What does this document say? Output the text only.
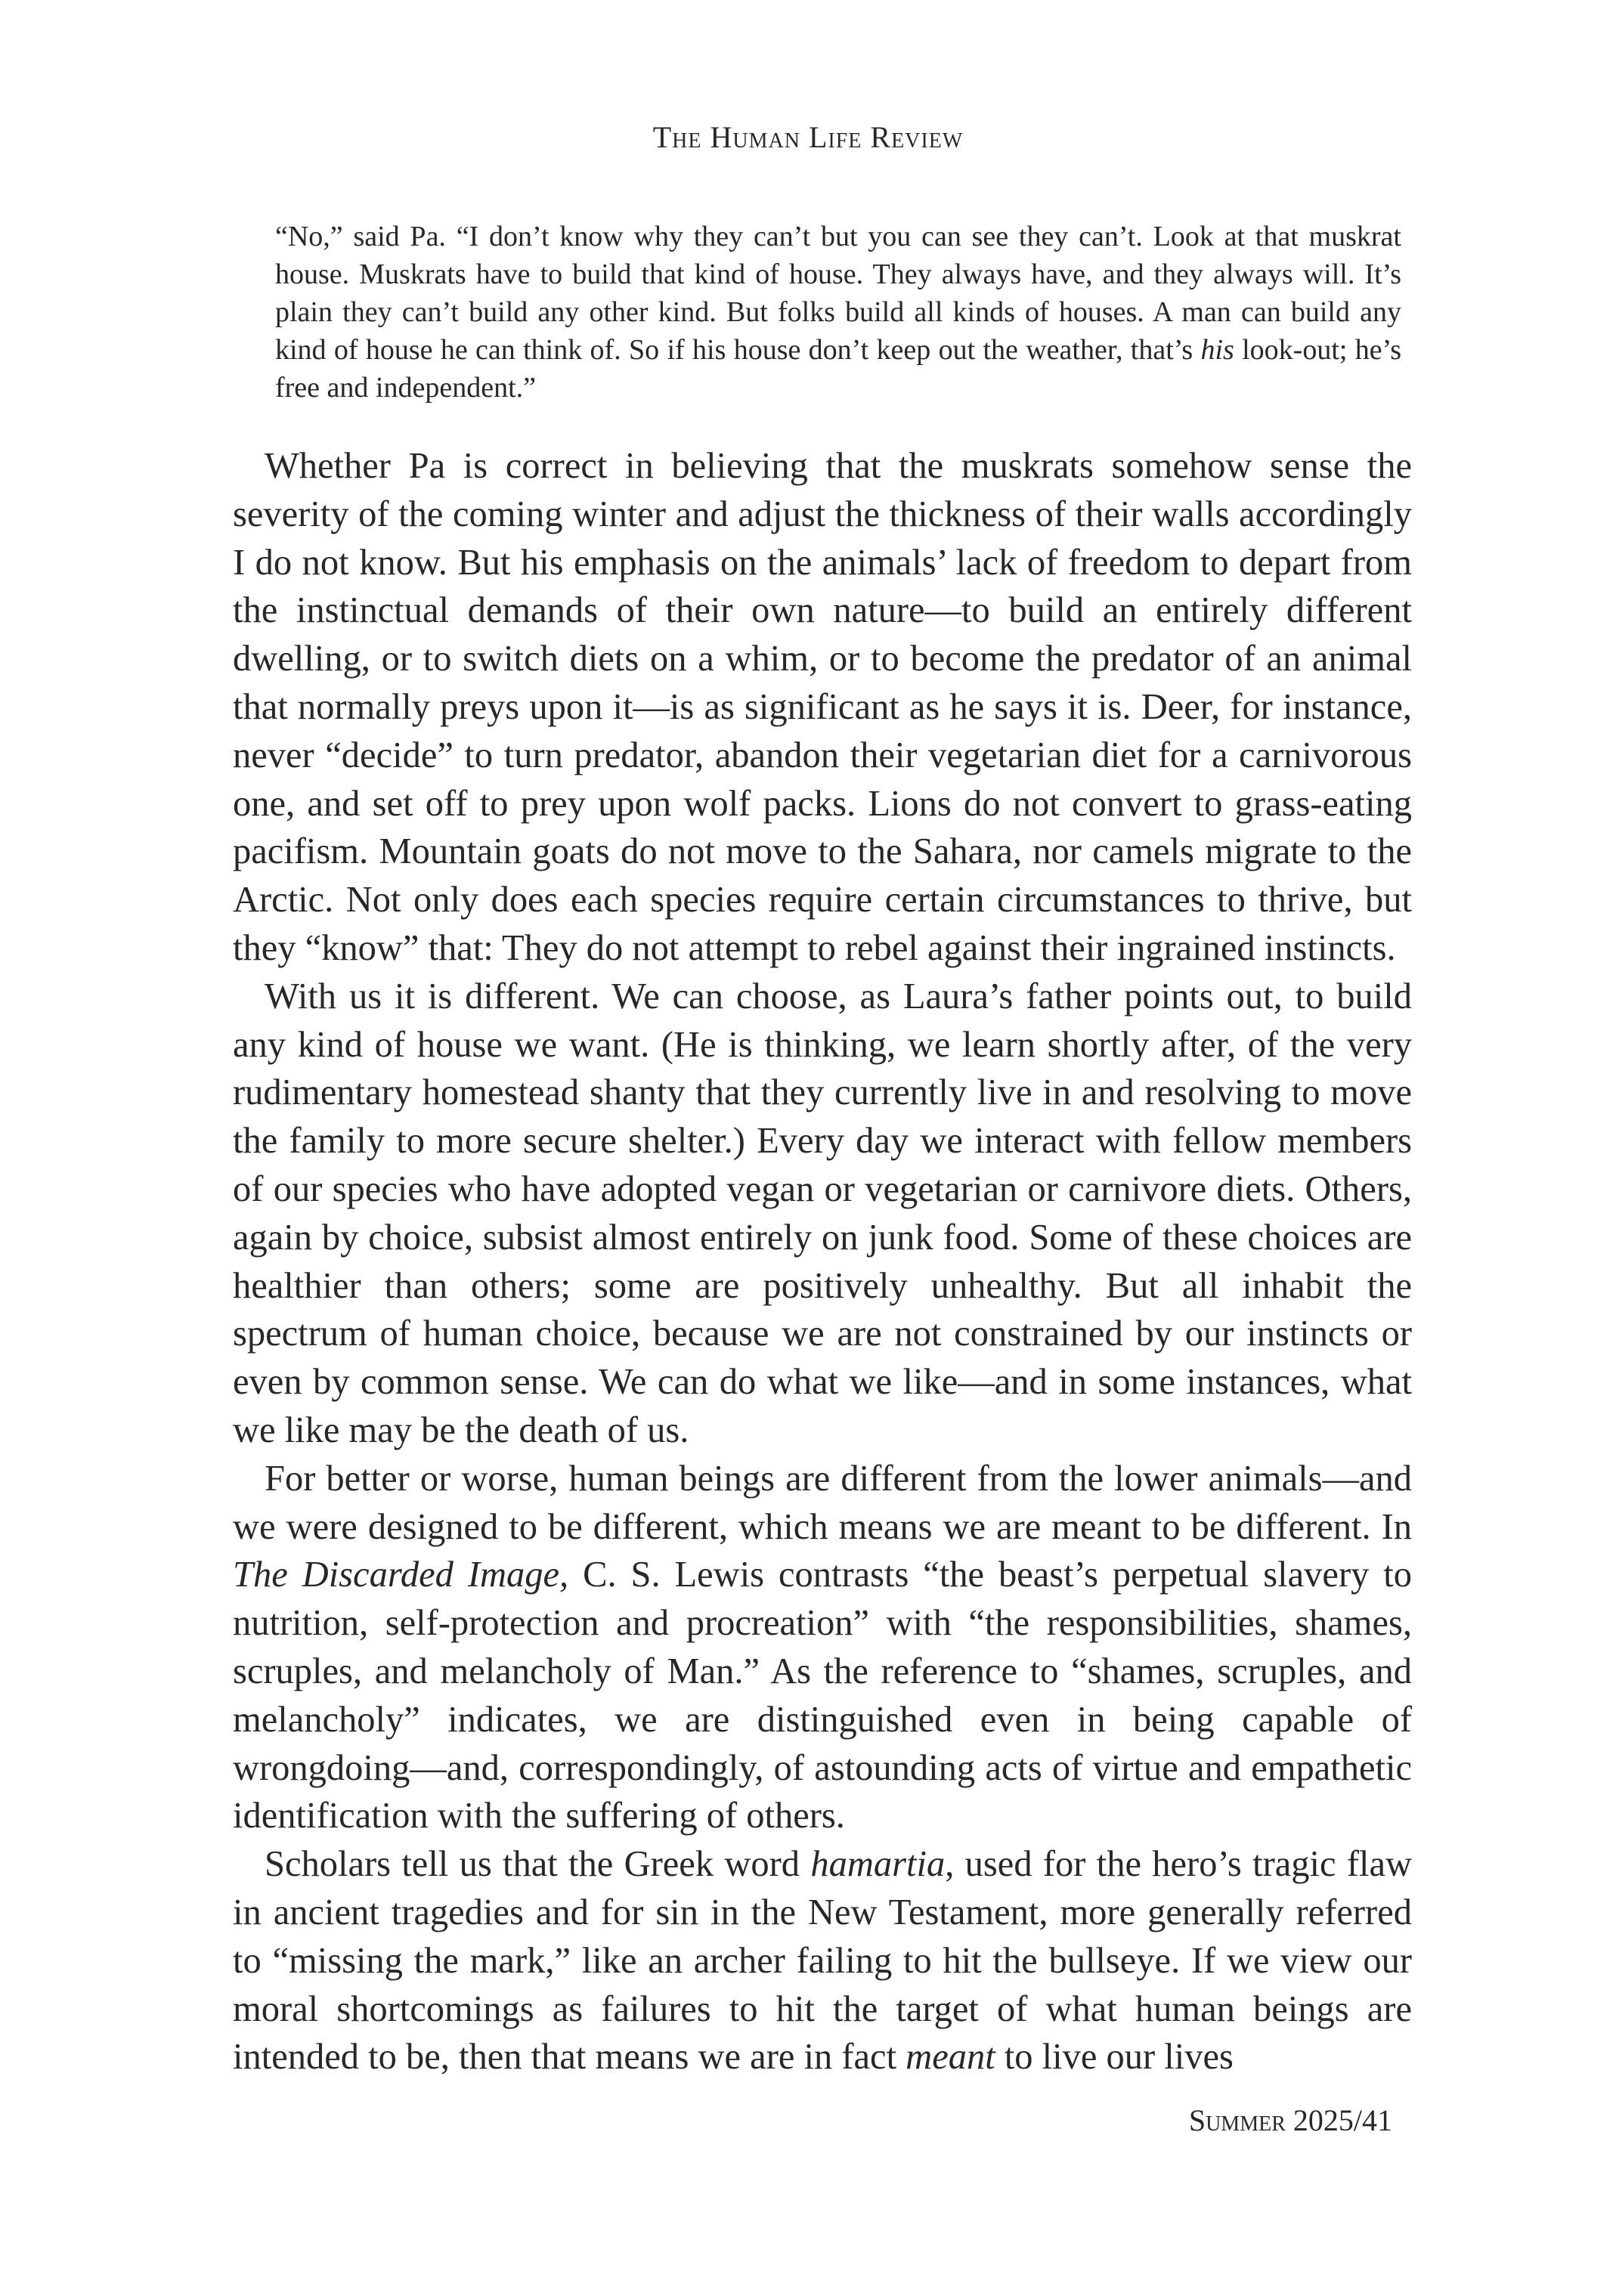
The Human Life Review

“No,” said Pa. “I don’t know why they can’t but you can see they can’t. Look at that muskrat house. Muskrats have to build that kind of house. They always have, and they always will. It’s plain they can’t build any other kind. But folks build all kinds of houses. A man can build any kind of house he can think of. So if his house don’t keep out the weather, that’s his look-out; he’s free and independent.”

Whether Pa is correct in believing that the muskrats somehow sense the severity of the coming winter and adjust the thickness of their walls accordingly I do not know. But his emphasis on the animals’ lack of freedom to depart from the instinctual demands of their own nature—to build an entirely different dwelling, or to switch diets on a whim, or to become the predator of an animal that normally preys upon it—is as significant as he says it is. Deer, for instance, never “decide” to turn predator, abandon their vegetarian diet for a carnivorous one, and set off to prey upon wolf packs. Lions do not convert to grass-eating pacifism. Mountain goats do not move to the Sahara, nor camels migrate to the Arctic. Not only does each species require certain circumstances to thrive, but they “know” that: They do not attempt to rebel against their ingrained instincts.

With us it is different. We can choose, as Laura’s father points out, to build any kind of house we want. (He is thinking, we learn shortly after, of the very rudimentary homestead shanty that they currently live in and resolving to move the family to more secure shelter.) Every day we interact with fellow members of our species who have adopted vegan or vegetarian or carnivore diets. Others, again by choice, subsist almost entirely on junk food. Some of these choices are healthier than others; some are positively unhealthy. But all inhabit the spectrum of human choice, because we are not constrained by our instincts or even by common sense. We can do what we like—and in some instances, what we like may be the death of us.

For better or worse, human beings are different from the lower animals—and we were designed to be different, which means we are meant to be different. In The Discarded Image, C. S. Lewis contrasts “the beast’s perpetual slavery to nutrition, self-protection and procreation” with “the responsibilities, shames, scruples, and melancholy of Man.” As the reference to “shames, scruples, and melancholy” indicates, we are distinguished even in being capable of wrongdoing—and, correspondingly, of astounding acts of virtue and empathetic identification with the suffering of others.

Scholars tell us that the Greek word hamartia, used for the hero’s tragic flaw in ancient tragedies and for sin in the New Testament, more generally referred to “missing the mark,” like an archer failing to hit the bullseye. If we view our moral shortcomings as failures to hit the target of what human beings are intended to be, then that means we are in fact meant to live our lives

Summer 2025/41
